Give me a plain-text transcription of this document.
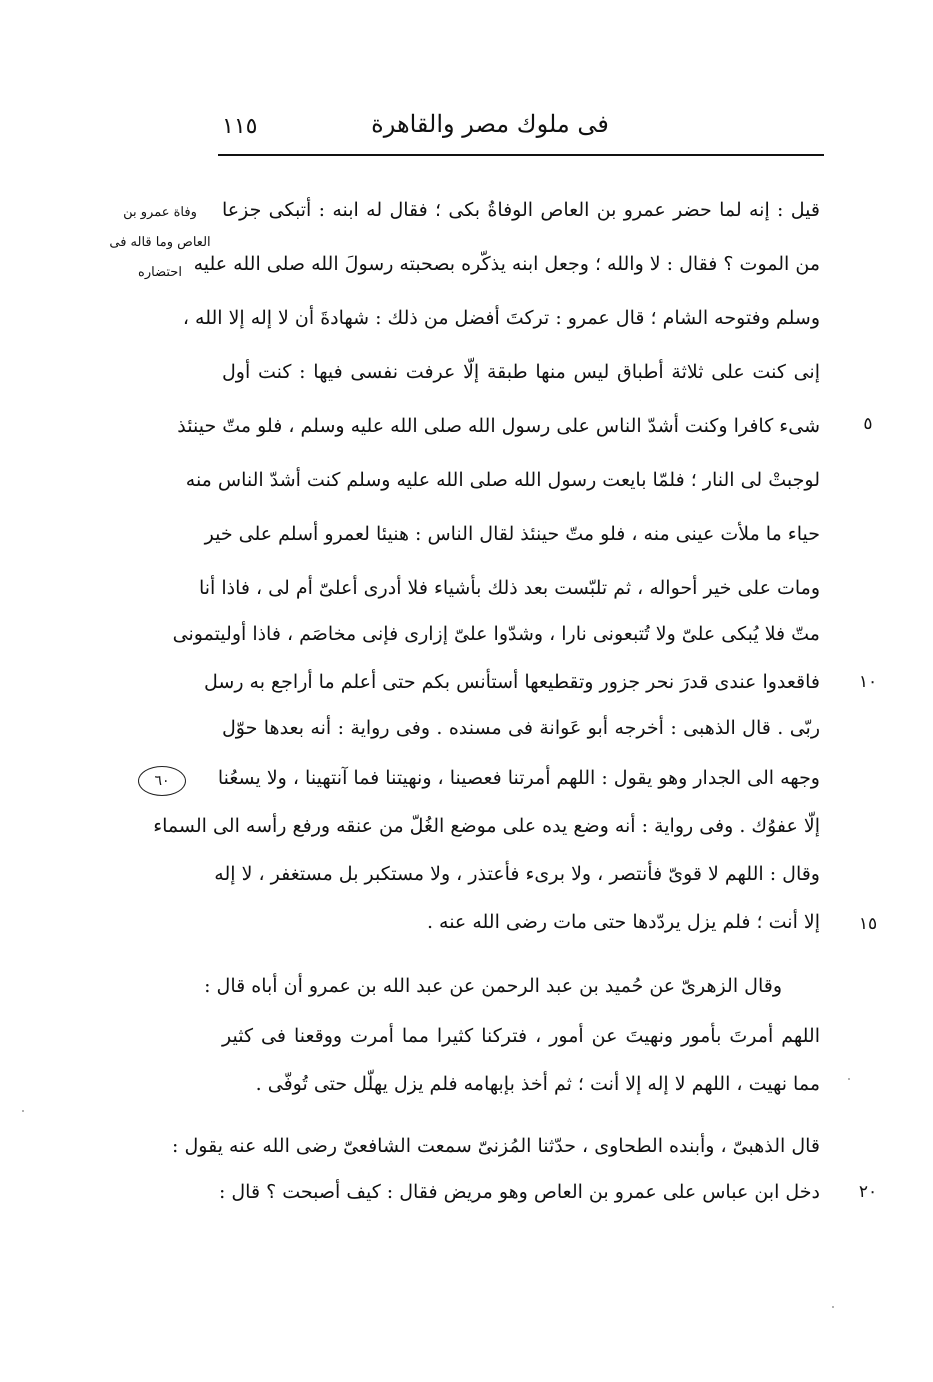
فى ملوك مصر والقاهرة
١١٥
وفاة عمرو بن العاص وما قاله فى احتضاره
٦٠
٥
١٠
١٥
٢٠
قيل : إنه لما حضر عمرو بن العاص الوفاةُ بكى ؛ فقال له ابنه : أتبكى جزعا
من الموت ؟ فقال : لا والله ؛ وجعل ابنه يذكّره بصحبته رسولَ الله صلى الله عليه
وسلم وفتوحه الشام ؛ قال عمرو : تركتَ أفضل من ذلك : شهادةَ أن لا إله إلا الله ،
إنى كنت على ثلاثة أطباق ليس منها طبقة إلّا عرفت نفسى فيها : كنت أول
شىء كافرا وكنت أشدّ الناس على رسول الله صلى الله عليه وسلم ، فلو متّ حينئذ
لوجبتْ لى النار ؛ فلمّا بايعت رسول الله صلى الله عليه وسلم كنت أشدّ الناس منه
حياء ما ملأت عينى منه ، فلو متّ حينئذ لقال الناس : هنيئا لعمرو أسلم على خير
ومات على خير أحواله ، ثم تلبّست بعد ذلك بأشياء فلا أدرى أعلىّ أم لى ، فاذا أنا
متّ فلا يُبكى علىّ ولا تُتبعونى نارا ، وشدّوا علىّ إزارى فإنى مخاصَم ، فاذا أوليتمونى
فاقعدوا عندى قدرَ نحر جزور وتقطيعها أستأنس بكم حتى أعلم ما أراجع به رسل
ربّى . قال الذهبى : أخرجه أبو عَوانة فى مسنده . وفى رواية : أنه بعدها حوّل
وجهه الى الجدار وهو يقول : اللهم أمرتنا فعصينا ، ونهيتنا فما آنتهينا ، ولا يسعُنا
إلّا عفوُك . وفى رواية : أنه وضع يده على موضع الغُلّ من عنقه ورفع رأسه الى السماء
وقال : اللهم لا قوىّ فأنتصر ، ولا برىء فأعتذر ، ولا مستكبر بل مستغفر ، لا إله
إلا أنت ؛ فلم يزل يردّدها حتى مات رضى الله عنه .
وقال الزهرىّ عن حُميد بن عبد الرحمن عن عبد الله بن عمرو أن أباه قال :
اللهم أمرتَ بأمور ونهيتَ عن أمور ، فتركنا كثيرا مما أمرت ووقعنا فى كثير
مما نهيت ، اللهم لا إله إلا أنت ؛ ثم أخذ بإبهامه فلم يزل يهلّل حتى تُوفّى .
قال الذهبىّ ، وأبنده الطحاوى ، حدّثنا المُزنىّ سمعت الشافعىّ رضى الله عنه يقول :
دخل ابن عباس على عمرو بن العاص وهو مريض فقال : كيف أصبحت ؟ قال :
